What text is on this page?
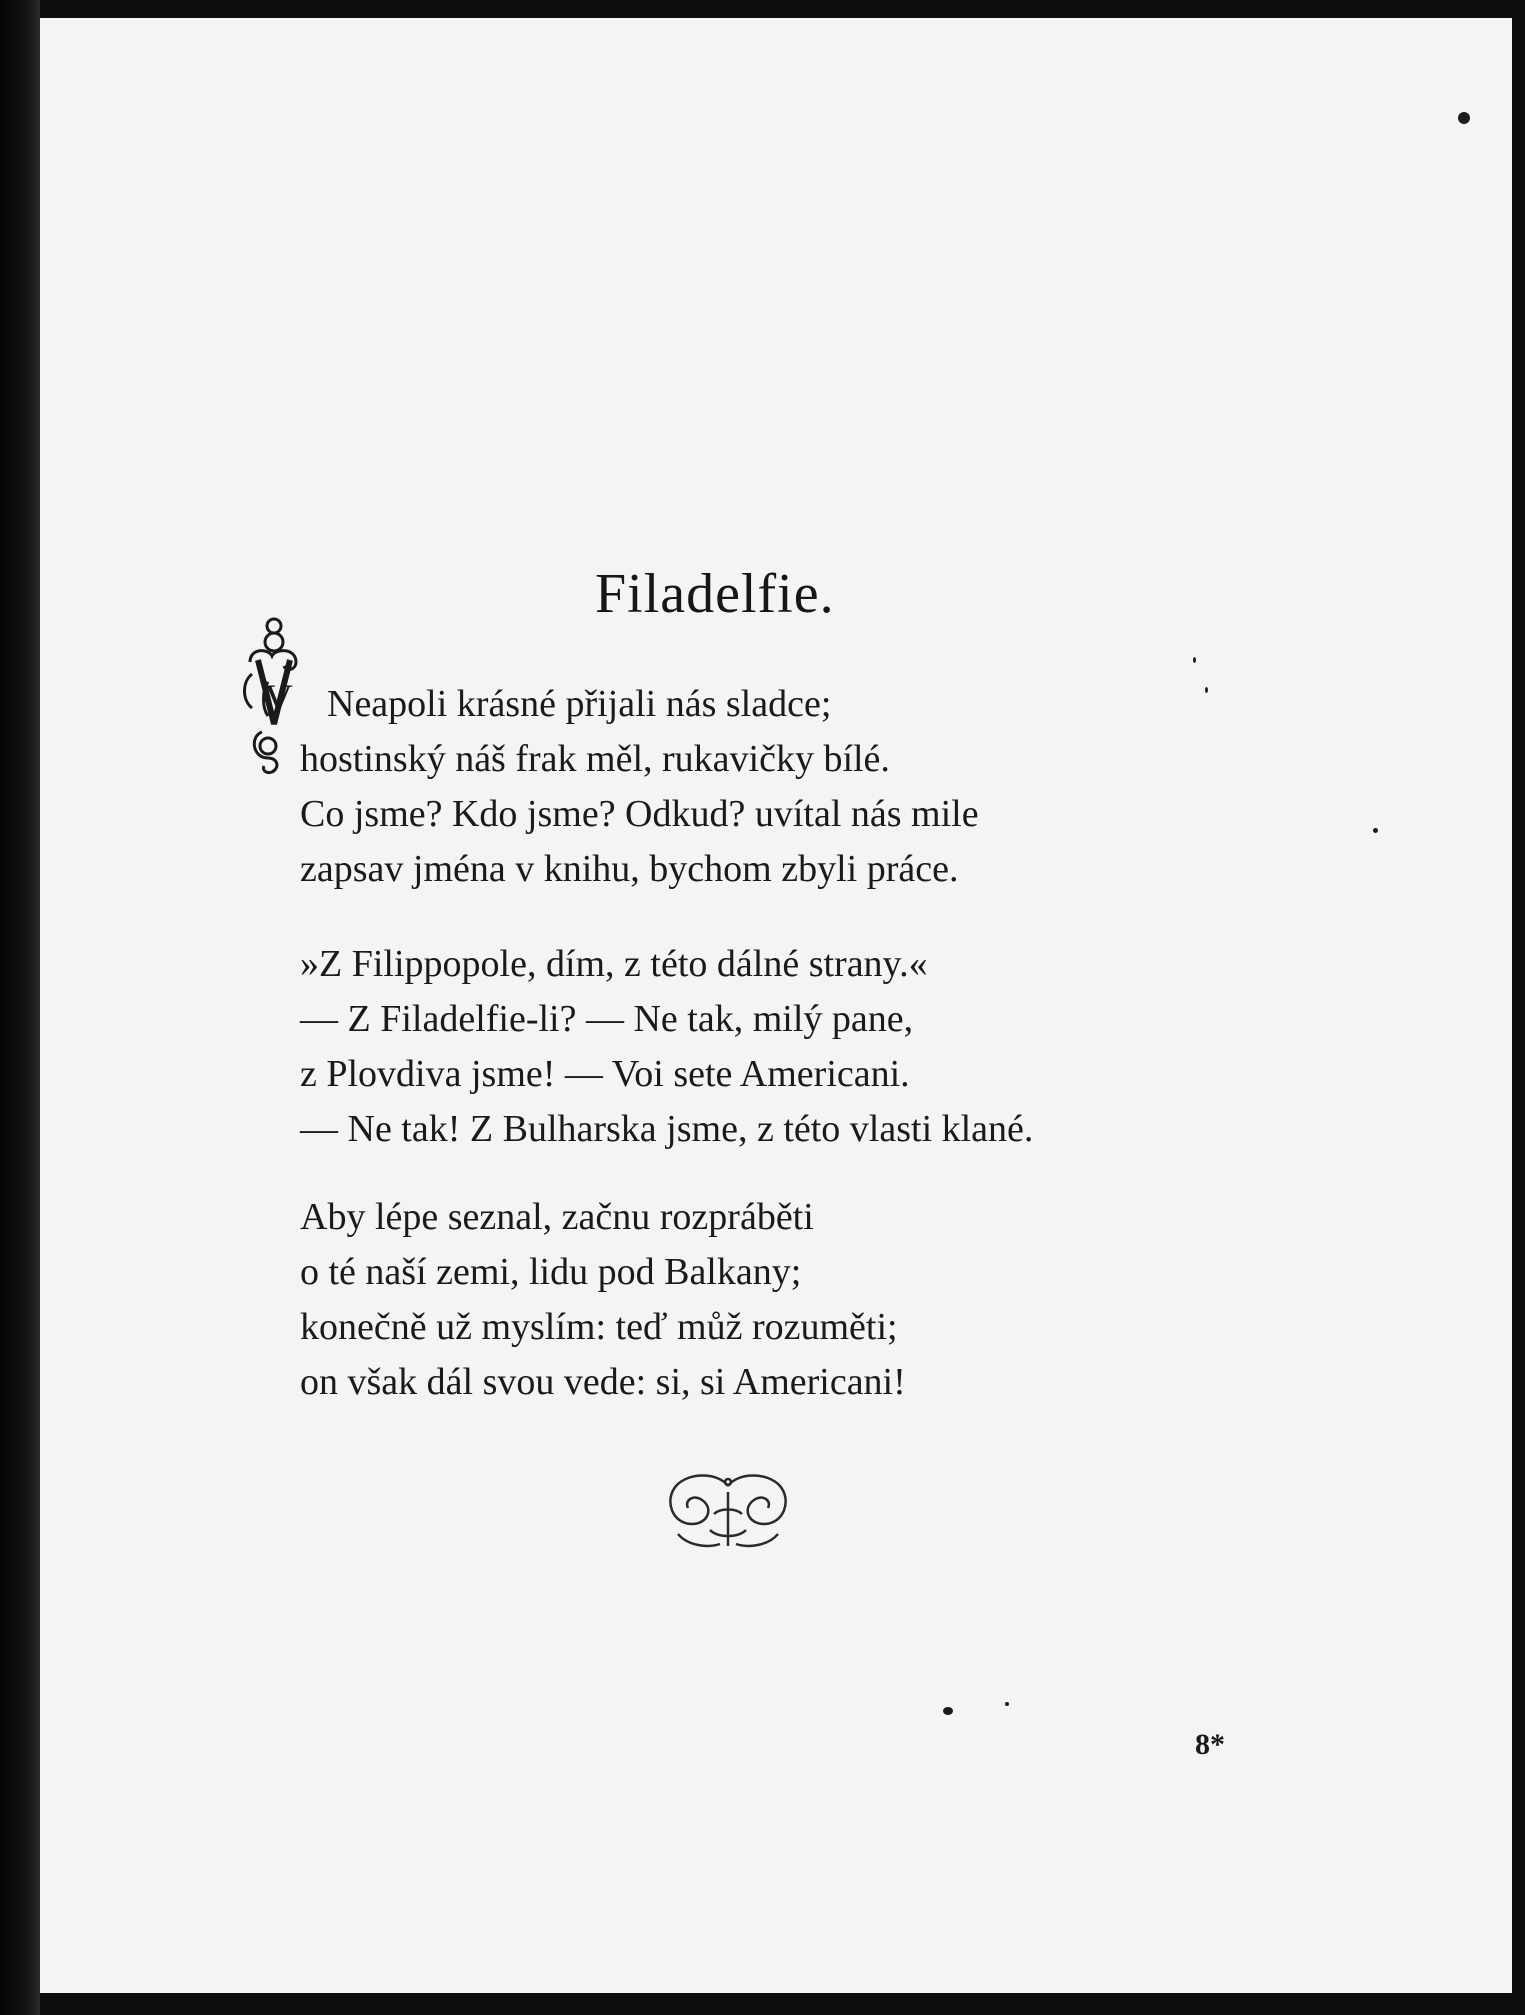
Filadelfie.
V Neapoli krásné přijali nás sladce;

hostinský náš frak měl, rukavičky bílé.

Co jsme? Kdo jsme? Odkud? uvítal nás mile

zapsav jména v knihu, bychom zbyli práce.

»Z Filippopole, dím, z této dálné strany.«

— Z Filadelfie-li? — Ne tak, milý pane,

z Plovdiva jsme! — Voi sete Americani.

— Ne tak! Z Bulharska jsme, z této vlasti klané.

Aby lépe seznal, začnu rozpráběti

o té naší zemi, lidu pod Balkany;

konečně už myslím: teď můž rozuměti;

on však dál svou vede: si, si Americani!

8*
